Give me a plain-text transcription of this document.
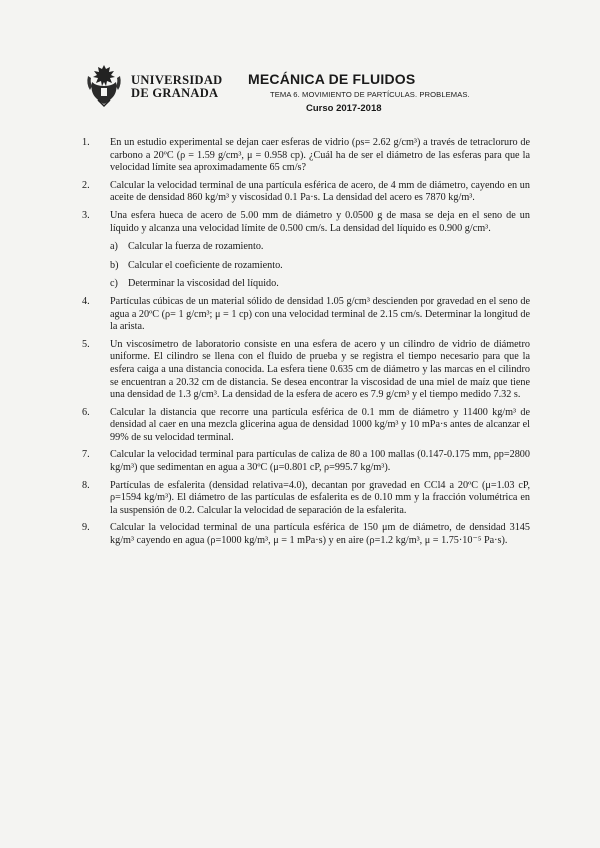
UNIVERSIDAD
DE GRANADA
MECÁNICA DE FLUIDOS
TEMA 6. MOVIMIENTO DE PARTÍCULAS. PROBLEMAS.
Curso 2017-2018
1. En un estudio experimental se dejan caer esferas de vidrio (ρs= 2.62 g/cm³) a través de tetracloruro de carbono a 20ºC (ρ = 1.59 g/cm³, μ = 0.958 cp). ¿Cuál ha de ser el diámetro de las esferas para que la velocidad límite sea aproximadamente 65 cm/s?
2. Calcular la velocidad terminal de una partícula esférica de acero, de 4 mm de diámetro, cayendo en un aceite de densidad 860 kg/m³ y viscosidad 0.1 Pa·s. La densidad del acero es 7870 kg/m³.
3. Una esfera hueca de acero de 5.00 mm de diámetro y 0.0500 g de masa se deja en el seno de un líquido y alcanza una velocidad límite de 0.500 cm/s. La densidad del líquido es 0.900 g/cm³.
a) Calcular la fuerza de rozamiento.
b) Calcular el coeficiente de rozamiento.
c) Determinar la viscosidad del líquido.
4. Partículas cúbicas de un material sólido de densidad 1.05 g/cm³ descienden por gravedad en el seno de agua a 20ºC (ρ= 1 g/cm³; μ = 1 cp) con una velocidad terminal de 2.15 cm/s. Determinar la longitud de la arista.
5. Un viscosímetro de laboratorio consiste en una esfera de acero y un cilindro de vidrio de diámetro uniforme. El cilindro se llena con el fluido de prueba y se registra el tiempo necesario para que la esfera caiga a una distancia conocida. La esfera tiene 0.635 cm de diámetro y las marcas en el cilindro se encuentran a 20.32 cm de distancia. Se desea encontrar la viscosidad de una miel de maíz que tiene una densidad de 1.3 g/cm³. La densidad de la esfera de acero es 7.9 g/cm³ y el tiempo medido 7.32 s.
6. Calcular la distancia que recorre una partícula esférica de 0.1 mm de diámetro y 11400 kg/m³ de densidad al caer en una mezcla glicerina agua de densidad 1000 kg/m³ y 10 mPa·s antes de alcanzar el 99% de su velocidad terminal.
7. Calcular la velocidad terminal para partículas de caliza de 80 a 100 mallas (0.147-0.175 mm, ρp=2800 kg/m³) que sedimentan en agua a 30ºC (μ=0.801 cP, ρ=995.7 kg/m³).
8. Partículas de esfalerita (densidad relativa=4.0), decantan por gravedad en CCl4 a 20ºC (μ=1.03 cP, ρ=1594 kg/m³). El diámetro de las partículas de esfalerita es de 0.10 mm y la fracción volumétrica en la suspensión de 0.2. Calcular la velocidad de separación de la esfalerita.
9. Calcular la velocidad terminal de una partícula esférica de 150 μm de diámetro, de densidad 3145 kg/m³ cayendo en agua (ρ=1000 kg/m³, μ = 1 mPa·s) y en aire (ρ=1.2 kg/m³, μ = 1.75·10⁻⁵ Pa·s).
